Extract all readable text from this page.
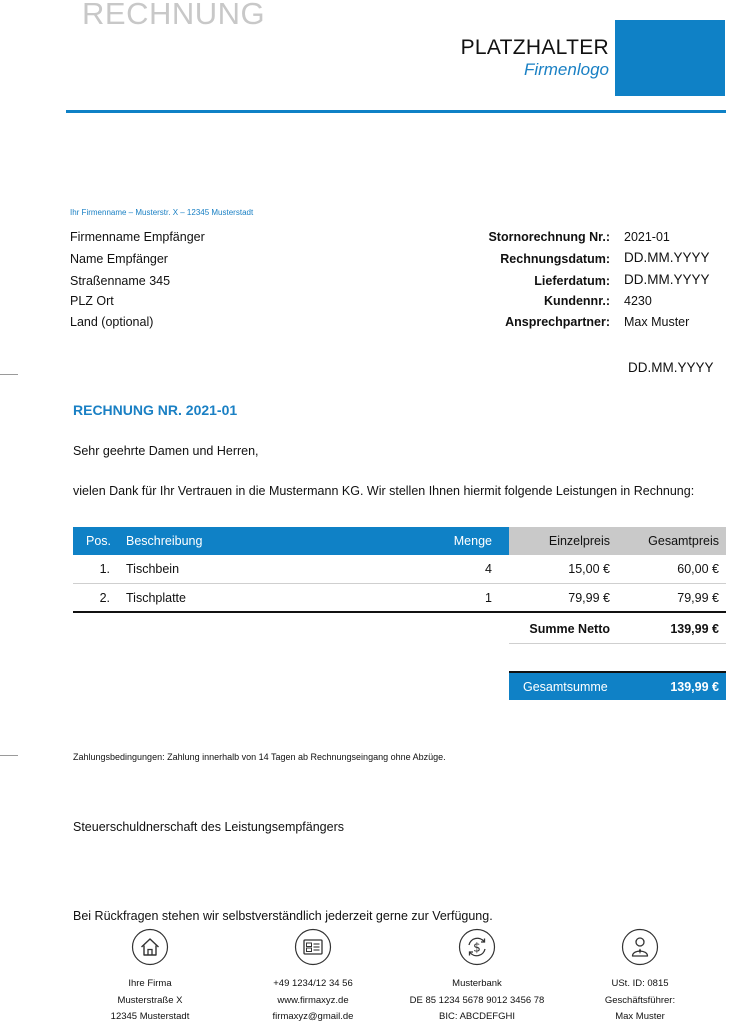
RECHNUNG
PLATZHALTER
Firmenlogo
Ihr Firmenname – Musterstr. X – 12345 Musterstadt
Firmenname Empfänger
Name Empfänger
Straßenname 345
PLZ Ort
Land (optional)
Stornorechnung Nr.: 2021-01
Rechnungsdatum: DD.MM.YYYY
Lieferdatum: DD.MM.YYYY
Kundennr.: 4230
Ansprechpartner: Max Muster
DD.MM.YYYY
RECHNUNG NR. 2021-01
Sehr geehrte Damen und Herren,
vielen Dank für Ihr Vertrauen in die Mustermann KG. Wir stellen Ihnen hiermit folgende Leistungen in Rechnung:
Pos. Beschreibung	Menge	Einzelpreis	Gesamtpreis
1. Tischbein	4	15,00 €	60,00 €
2. Tischplatte	1	79,99 €	79,99 €
Summe Netto	139,99 €
Gesamtsumme	139,99 €
Zahlungsbedingungen: Zahlung innerhalb von 14 Tagen ab Rechnungseingang ohne Abzüge.
Steuerschuldnerschaft des Leistungsempfängers
Bei Rückfragen stehen wir selbstverständlich jederzeit gerne zur Verfügung.
$
Ihre Firma
Musterstraße X
12345 Musterstadt
+49 1234/12 34 56
www.firmaxyz.de
firmaxyz@gmail.de
Musterbank
DE 85 1234 5678 9012 3456 78
BIC: ABCDEFGHI
USt. ID: 0815
Geschäftsführer:
Max Muster
